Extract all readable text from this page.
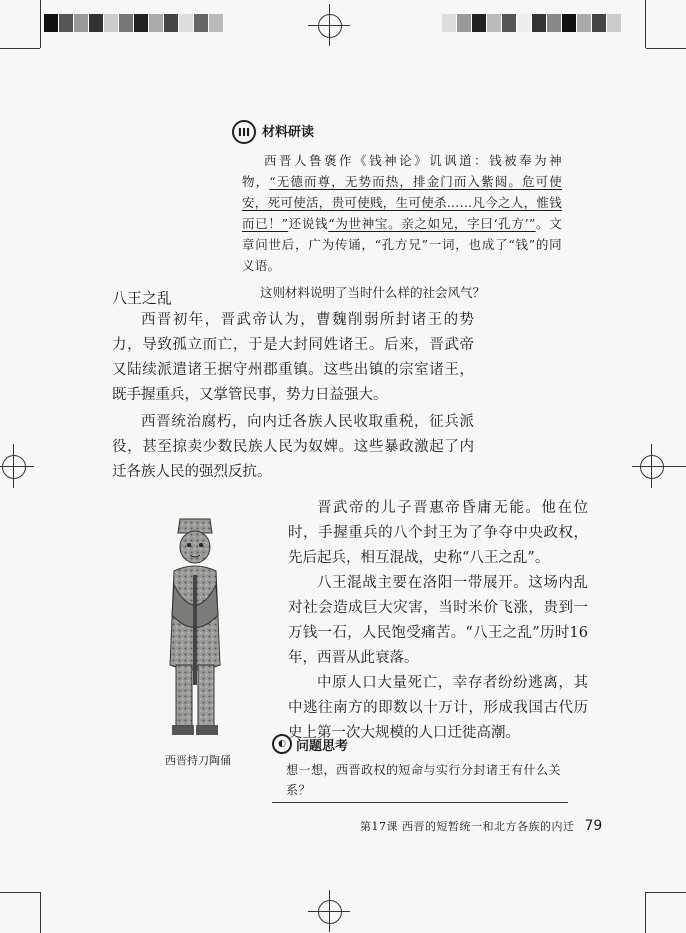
III 材料研读

西晋人鲁褒作《钱神论》讥讽道：钱被奉为神物，“无德而尊，无势而热，排金门而入紫闼。危可使安，死可使活，贵可使贱，生可使杀……凡今之人，惟钱而已！”还说钱“为世神宝。亲之如兄，字曰‘孔方’”。文章问世后，广为传诵，“孔方兄”一词，也成了“钱”的同义语。

这则材料说明了当时什么样的社会风气？
八王之乱

西晋初年，晋武帝认为，曹魏削弱所封诸王的势力，导致孤立而亡，于是大封同姓诸王。后来，晋武帝又陆续派遣诸王据守州郡重镇。这些出镇的宗室诸王，既手握重兵，又掌管民事，势力日益强大。

西晋统治腐朽，向内迁各族人民收取重税，征兵派役，甚至掠卖少数民族人民为奴婢。这些暴政激起了内迁各族人民的强烈反抗。

西晋持刀陶俑

晋武帝的儿子晋惠帝昏庸无能。他在位时，手握重兵的八个封王为了争夺中央政权，先后起兵，相互混战，史称“八王之乱”。

八王混战主要在洛阳一带展开。这场内乱对社会造成巨大灾害，当时米价飞涨，贵到一万钱一石，人民饱受痛苦。“八王之乱”历时16年，西晋从此衰落。

中原人口大量死亡，幸存者纷纷逃离，其中逃往南方的即数以十万计，形成我国古代历史上第一次大规模的人口迁徙高潮。

◐ 问题思考
想一想，西晋政权的短命与实行分封诸王有什么关系？
第17课 西晋的短暂统一和北方各族的内迁 79
